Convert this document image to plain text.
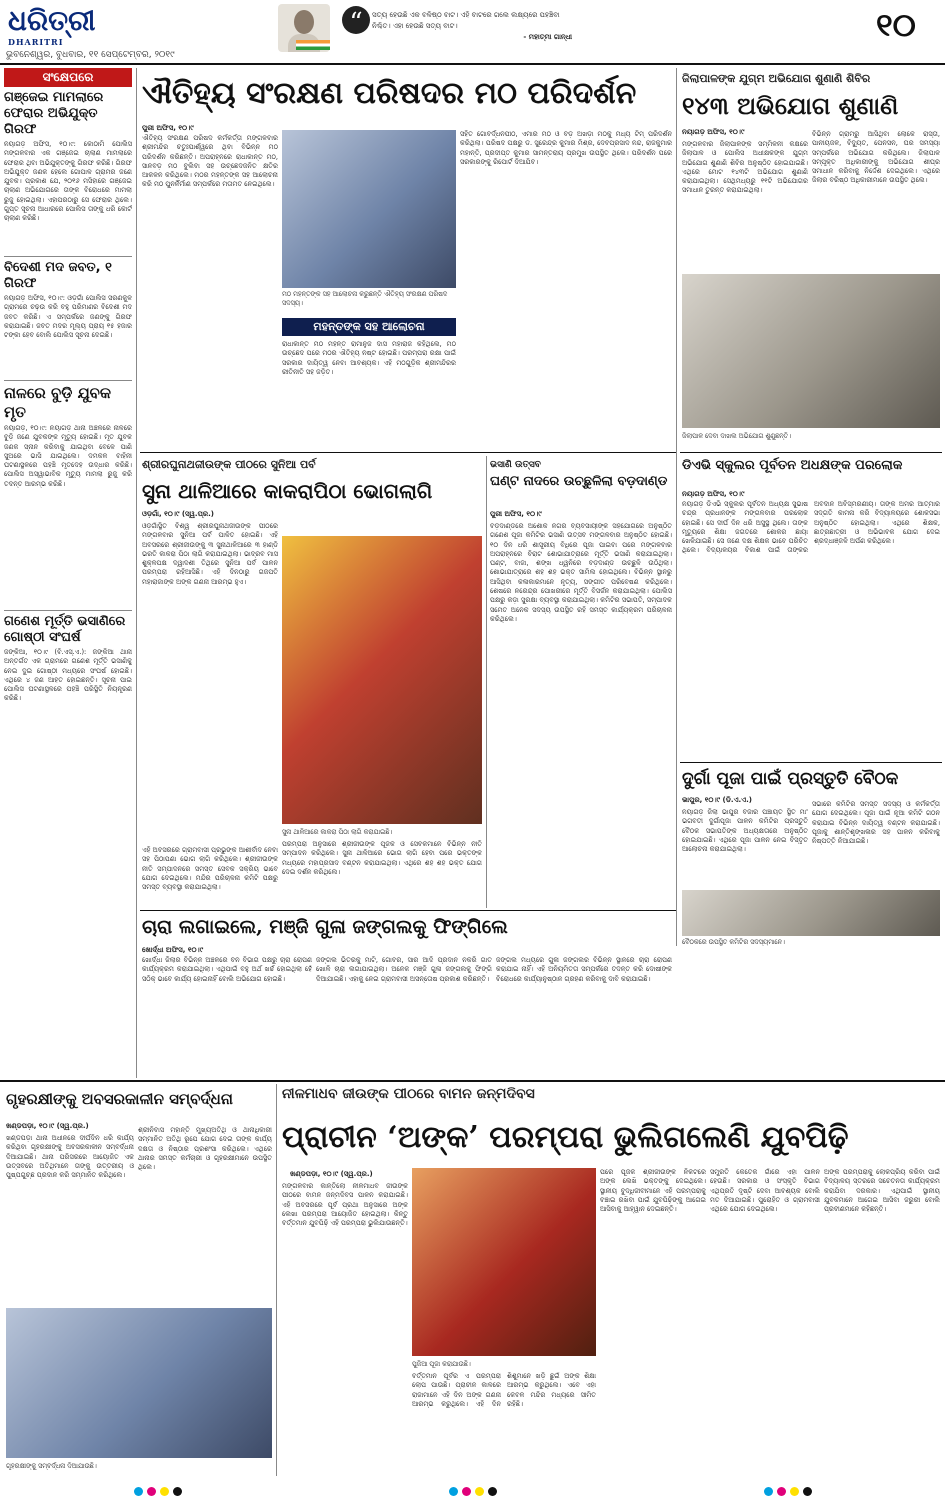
ଧରିତ୍ରୀ
DHARITRI
“	ସତ୍ୟ ହେଉଛି ଏକ ବଳିଷ୍ଠ ବାଟ। ଏହି ବାଟରେ ଗଲେ ଲକ୍ଷ୍ୟରେ ପହଞ୍ଚିବା ନିଶ୍ଚିତ। ଏହା ହେଉଛି ସତ୍ୟ ବାଟ।
- ମହାତ୍ମା ଗାନ୍ଧୀ	୧୦
ଭୁବନେଶ୍ୱର, ବୁଧବାର, ୧୧ ସେପ୍ଟେମ୍ବର, ୨୦୧୯
ସଂକ୍ଷେପରେ
ଗଞ୍ଜେଇ ମାମଲାରେ ଫେରାର ଅଭିଯୁକ୍ତ ଗିରଫ
ନୟାଗଡ଼ ଅଫିସ, ୧୦।୯: କୋଠାମି ପୋଲିସ ମଙ୍ଗଳବାର ଏକ ଗଞ୍ଜେଇ ଚାଲାଣ ମାମଲାରେ ଫେରାର ଥିବା ଅଭିଯୁକ୍ତଙ୍କୁ ଗିରଫ କରିଛି। ଗିରଫ ଅଭିଯୁକ୍ତ ଜଣକ ହେଲେ ଗୋପାଳ ଗ୍ରାମର ଜଣେ ଯୁବକ। ପ୍ରକାଶ ଯେ, ୨୦୧୬ ମସିହାରେ ଗଞ୍ଜେଇ ଚାଲାଣ ଅଭିଯୋଗରେ ତାଙ୍କ ବିରୋଧରେ ମାମଲା ରୁଜୁ ହୋଇଥିଲା। ଏହାପରଠାରୁ ସେ ଫେରାର ଥିଲେ। ଗୁପ୍ତ ସୂଚନା ଆଧାରରେ ପୋଲିସ ତାଙ୍କୁ ଧରି କୋର୍ଟ ଚାଲାଣ କରିଛି।
ବିଦେଶୀ ମଦ ଜବତ, ୧ ଗିରଫ
ନୟାଗଡ଼ ଅଫିସ, ୧୦।୯: ଓଡ଼ଗାଁ ପୋଲିସ ସରଣକୁଳ ଗ୍ରାମରେ ଚଢ଼ଉ କରି ବହୁ ପରିମାଣର ବିଦେଶୀ ମଦ ଜବତ କରିଛି। ଏ ସମ୍ପର୍କରେ ଜଣଙ୍କୁ ଗିରଫ କରାଯାଇଛି। ଜବତ ମଦର ମୂଲ୍ୟ ପ୍ରାୟ ୧୫ ହଜାର ଟଙ୍କା ହେବ ବୋଲି ପୋଲିସ ସୂଚନା ଦେଇଛି।
ନାଳରେ ବୁଡ଼ି ଯୁବକ ମୃତ
ନୟାଗଡ଼, ୧୦।୯: ନୟାଗଡ଼ ଥାନା ଅଞ୍ଚଳରେ ନାଳରେ ବୁଡ଼ି ଜଣେ ଯୁବକଙ୍କ ମୃତ୍ୟୁ ହୋଇଛି। ମୃତ ଯୁବକ ଜଣକ ସ୍ନାନ କରିବାକୁ ଯାଇଥିବା ବେଳେ ପାଣି ସୁଅରେ ଭାସି ଯାଇଥିଲେ। ଦମକଳ ବାହିନୀ ଘଟଣାସ୍ଥଳରେ ପହଞ୍ଚି ମୃତଦେହ ଉଦ୍ଧାର କରିଛି। ପୋଲିସ ଅସ୍ୱାଭାବିକ ମୃତ୍ୟୁ ମାମଲା ରୁଜୁ କରି ତଦନ୍ତ ଆରମ୍ଭ କରିଛି।
ଗଣେଶ ମୂର୍ତ୍ତି ଭସାଣିରେ ଗୋଷ୍ଠୀ ସଂଘର୍ଷ
ଜଙ୍କିଆ, ୧୦।୯ (ବି.ଏସ୍.ଏ.): ଜଙ୍କିଆ ଥାନା ଅନ୍ତର୍ଗତ ଏକ ଗ୍ରାମରେ ଗଣେଶ ମୂର୍ତ୍ତି ଭସାଣିକୁ ନେଇ ଦୁଇ ଗୋଷ୍ଠୀ ମଧ୍ୟରେ ସଂଘର୍ଷ ହୋଇଛି। ଏଥିରେ ୪ ଜଣ ଆହତ ହୋଇଛନ୍ତି। ସୂଚନା ପାଇ ପୋଲିସ ଘଟଣାସ୍ଥଳରେ ପହଞ୍ଚି ପରିସ୍ଥିତି ନିୟନ୍ତ୍ରଣ କରିଛି।
ଐତିହ୍ୟ ସଂରକ୍ଷଣ ପରିଷଦର ମଠ ପରିଦର୍ଶନ
ପୁରୀ ଅଫିସ, ୧୦।୯
ଐତିହ୍ୟ ସଂରକ୍ଷଣ ପରିଷଦ କର୍ମକର୍ତ୍ତା ମଙ୍ଗଳବାର ଶ୍ରୀମନ୍ଦିର ଚତୁଃପାର୍ଶ୍ୱରେ ଥିବା ବିଭିନ୍ନ ମଠ ପରିଦର୍ଶନ କରିଛନ୍ତି। ଅପରାହ୍ନରେ ରାଧାକାନ୍ତ ମଠ, ସାନବଡ଼ ମଠ ବୁଲିବା ସହ ଉଚ୍ଛେଦଜନିତ କ୍ଷତିର ଆକଳନ କରିଥିଲେ। ମଠର ମହନ୍ତଙ୍କ ସହ ଆଲୋଚନା କରି ମଠ ପୁନର୍ନିର୍ମାଣ ସମ୍ପର୍କରେ ମତାମତ ନେଇଥିଲେ।
ମଠ ମହନ୍ତଙ୍କ ସହ ଆଲୋଚନା କରୁଛନ୍ତି ଐତିହ୍ୟ ସଂରକ୍ଷଣ ପରିଷଦ ସଦସ୍ୟ।
ମହନ୍ତଙ୍କ ସହ ଆଲୋଚନା
ରାଧାକାନ୍ତ ମଠ ମହନ୍ତ ରାମାନୁଜ ଦାସ ମହାରାଜ କହିଥିଲେ, ମଠ ଉଚ୍ଛେଦ ପରେ ମଠର ଐତିହ୍ୟ ନଷ୍ଟ ହୋଇଛି। ପରମ୍ପରା ରକ୍ଷା ପାଇଁ ସରକାର ଦାୟିତ୍ୱ ନେବା ଆବଶ୍ୟକ। ଏହି ମଠଗୁଡ଼ିକ ଶ୍ରୀମନ୍ଦିରର ରୀତିନୀତି ସହ ଜଡ଼ିତ।
ସହିତ ଗୋବର୍ଦ୍ଧନପୀଠ, ଏମାର ମଠ ଓ ବଡ଼ ଅଖଡ଼ା ମଠକୁ ମଧ୍ୟ ଟିମ୍ ପରିଦର୍ଶନ କରିଥିଲା। ପରିଷଦ ପକ୍ଷରୁ ଡ. ସୁରେନ୍ଦ୍ର କୁମାର ମିଶ୍ର, ଦେବପ୍ରସାଦ ନନ୍ଦ, ରାଜକୁମାର ମହାନ୍ତି, ପ୍ରଦୀପ୍ତ କୁମାର ସାମନ୍ତରାୟ ପ୍ରମୁଖ ଉପସ୍ଥିତ ଥିଲେ। ପରିଦର୍ଶନ ପରେ ସରକାରଙ୍କୁ ରିପୋର୍ଟ ଦିଆଯିବ।
ଜିଲାପାଳଙ୍କ ଯୁଗ୍ମ ଅଭିଯୋଗ ଶୁଣାଣି ଶିବିର
୧୪୩ ଅଭିଯୋଗ ଶୁଣାଣି
ନୟାଗଡ଼ ଅଫିସ, ୧୦।୯
ମଙ୍ଗଳବାର ଜିଲାପାଳଙ୍କ ସମ୍ମିଳନୀ କକ୍ଷରେ ଜିଲାପାଳ ଓ ପୋଲିସ ଅଧୀକ୍ଷକଙ୍କ ଯୁଗ୍ମ ଅଭିଯୋଗ ଶୁଣାଣି ଶିବିର ଅନୁଷ୍ଠିତ ହୋଇଯାଇଛି। ଏଥିରେ ମୋଟ ୧୪୩ଟି ଅଭିଯୋଗ ଶୁଣାଣି କରାଯାଇଥିଲା। ସେଥିମଧ୍ୟରୁ ୧୧ଟି ଅଭିଯୋଗର ସମାଧାନ ତୁରନ୍ତ କରାଯାଇଥିଲା।
ବିଭିନ୍ନ ଗ୍ରାମରୁ ଆସିଥିବା ଲୋକେ ରାସ୍ତା, ପାନୀୟଜଳ, ବିଦ୍ୟୁତ, ପେନସନ, ଘର ସମସ୍ୟା ସମ୍ପର୍କରେ ଅଭିଯୋଗ କରିଥିଲେ। ଜିଲାପାଳ ସମ୍ପୃକ୍ତ ଅଧିକାରୀଙ୍କୁ ଅଭିଯୋଗ ଶୀଘ୍ର ସମାଧାନ କରିବାକୁ ନିର୍ଦ୍ଦେଶ ଦେଇଥିଲେ। ଏଥିରେ ଜିଲାର ବରିଷ୍ଠ ଅଧିକାରୀମାନେ ଉପସ୍ଥିତ ଥିଲେ।
ଜିଲାପାଳ ଦେବା ଦାଖଲ ଅଭିଯୋଗ ଶୁଣୁଛନ୍ତି।
ଶ୍ରୀରଘୁନାଥଜୀଉଙ୍କ ପୀଠରେ ସୁନିଆ ପର୍ବ
ସୁନା ଥାଳିଆରେ କାକରାପିଠା ଭୋଗଲାଗି
ଓଡ଼ଗାଁ, ୧୦।୯ (ସ୍ୱ.ପ୍ର.)
ଓଡ଼ଗାଁସ୍ଥିତ ବିଶ୍ୱ ଶ୍ରୀରଘୁନାଥଜୀଉଙ୍କ ପୀଠରେ ମଙ୍ଗଳବାର ସୁନିଆ ପର୍ବ ପାଳିତ ହୋଇଛି। ଏହି ଅବସରରେ ଶ୍ରୀଜୀଉଙ୍କୁ ୩ ସୁନାଥାଳିଆରେ ୩ ହାଣ୍ଡି ଭରତି କାକରା ପିଠା ଲାଗି କରାଯାଇଥିଲା। ଭାଦ୍ରବ ମାସ ଶୁକ୍ଳପକ୍ଷ ଦ୍ୱାଦଶୀ ତିଥିରେ ସୁନିଆ ପର୍ବ ପାଳନ ପରମ୍ପରା ରହିଆସିଛି। ଏହି ଦିନଠାରୁ ଗଜପତି ମହାରାଜାଙ୍କ ଅଙ୍କ ଗଣନା ଆରମ୍ଭ ହୁଏ।
ସୁନା ଥାଳିଆରେ କାକରା ପିଠା ଲାଗି କରାଯାଇଛି।
ପରମ୍ପରା ଅନୁସାରେ ଶ୍ରୀଜୀଉଙ୍କ ପୂଜକ ଓ ସେବକମାନେ ବିଭିନ୍ନ ନୀତି ସମ୍ପାଦନ କରିଥିଲେ। ସୁନା ଥାଳିଆରେ ଭୋଗ ଲାଗି ହେବା ପରେ ଭକ୍ତଙ୍କ ମଧ୍ୟରେ ମହାପ୍ରସାଦ ବଣ୍ଟନ କରାଯାଇଥିଲା। ଏଥିରେ ଶହ ଶହ ଭକ୍ତ ଯୋଗ ଦେଇ ଦର୍ଶନ କରିଥିଲେ।
ଏହି ଅବସରରେ ଗ୍ରାମବାସୀ ପ୍ରଭୁଙ୍କ ଆଶୀର୍ବାଦ ନେବା ସହ ପିଠାପଣା ଭୋଗ ଲାଗି କରିଥିଲେ। ଶ୍ରୀଜୀଉଙ୍କ ନୀତି ସମ୍ପାଦନରେ ସମସ୍ତ ସେବକ ସକ୍ରିୟ ଭାବେ ଯୋଗ ଦେଇଥିଲେ। ମନ୍ଦିର ପରିଚାଳନା କମିଟି ପକ୍ଷରୁ ସମସ୍ତ ବ୍ୟବସ୍ଥା କରାଯାଇଥିଲା।
ଭସାଣି ଉତ୍ସବ
ଘଣ୍ଟ ନାଦରେ ଉଚ୍ଛୁଳିଲା ବଡ଼ଦାଣ୍ଡ
ପୁରୀ ଅଫିସ, ୧୦।୯
ବଡ଼ଦାଣ୍ଡରେ ଅଶୋକ ନଗର ବ୍ୟବସାୟୀଙ୍କ ସହଯୋଗରେ ଅନୁଷ୍ଠିତ ଗଣେଶ ପୂଜା କମିଟିର ଭସାଣି ଉତ୍ସବ ମଙ୍ଗଳବାର ଅନୁଷ୍ଠିତ ହୋଇଛି। ୧୦ ଦିନ ଧରି ଶାସ୍ତ୍ରୀୟ ବିଧିରେ ପୂଜା ପାଇବା ପରେ ମଙ୍ଗଳବାର ଅପରାହ୍ନରେ ବିରାଟ ଶୋଭାଯାତ୍ରାରେ ମୂର୍ତ୍ତି ଭସାଣି କରାଯାଇଥିଲା। ଘଣ୍ଟ, ବାଜା, ଶଙ୍ଖ ଧ୍ୱନିରେ ବଡ଼ଦାଣ୍ଡ ଉଚ୍ଛୁଳି ଉଠିଥିଲା। ଶୋଭାଯାତ୍ରାରେ ଶହ ଶହ ଭକ୍ତ ସାମିଲ ହୋଇଥିଲେ। ବିଭିନ୍ନ ସ୍ଥାନରୁ ଆସିଥିବା କଳାକାରମାନେ ନୃତ୍ୟ, ସଙ୍ଗୀତ ପରିବେଷଣ କରିଥିଲେ। ଶେଷରେ ନରେନ୍ଦ୍ର ପୋଖରୀରେ ମୂର୍ତ୍ତି ବିସର୍ଜନ କରାଯାଇଥିଲା। ପୋଲିସ ପକ୍ଷରୁ କଡ଼ା ସୁରକ୍ଷା ବ୍ୟବସ୍ଥା କରାଯାଇଥିଲା। କମିଟିର ସଭାପତି, ସମ୍ପାଦକ ସମେତ ଅନେକ ସଦସ୍ୟ ଉପସ୍ଥିତ ରହି ସମସ୍ତ କାର୍ଯ୍ୟକ୍ରମ ପରିଚାଳନା କରିଥିଲେ।
ଡିଏଭି ସ୍କୁଲର ପୂର୍ବତନ ଅଧକ୍ଷଙ୍କ ପରଲୋକ
ନୟାଗଡ଼ ଅଫିସ, ୧୦।୯
ନୟାଗଡ଼ ଡିଏଭି ସ୍କୁଲର ପୂର୍ବତନ ଅଧ୍ୟକ୍ଷ ସୁଭାଷ ଚନ୍ଦ୍ର ପ୍ରଧାନଙ୍କ ମଙ୍ଗଳବାର ପରଲୋକ ହୋଇଛି। ସେ ଦୀର୍ଘ ଦିନ ଧରି ଅସୁସ୍ଥ ଥିଲେ। ତାଙ୍କ ମୃତ୍ୟୁରେ ଶିକ୍ଷା ଜଗତରେ ଶୋକର ଛାୟା ଖେଳିଯାଇଛି। ସେ ଜଣେ ଦକ୍ଷ ଶିକ୍ଷକ ଭାବେ ପରିଚିତ ଥିଲେ। ବିଦ୍ୟାଳୟର ବିକାଶ ପାଇଁ ତାଙ୍କର ଅବଦାନ ଅବିସ୍ମରଣୀୟ। ତାଙ୍କ ଅମର ଆତ୍ମାର ସଦ୍‌ଗତି କାମନା କରି ବିଦ୍ୟାଳୟରେ ଶୋକସଭା ଅନୁଷ୍ଠିତ ହୋଇଥିଲା। ଏଥିରେ ଶିକ୍ଷକ, ଛାତ୍ରଛାତ୍ରୀ ଓ ଅଭିଭାବକ ଯୋଗ ଦେଇ ଶ୍ରଦ୍ଧାଞ୍ଜଳି ଅର୍ପଣ କରିଥିଲେ।
ଦୁର୍ଗା ପୂଜା ପାଇଁ ପ୍ରସ୍ତୁତି ବୈଠକ
ଭାପୁର, ୧୦।୯ (ଡି.ଏ.ଏ.)
ନୟାଗଡ଼ ଜିଲା ଭାପୁର ବଜାର ପଞ୍ଚାୟତ ସ୍ଥିତ ମା' ଭଗବତୀ ଦୁର୍ଗାପୂଜା ପାଳନ କମିଟିର ପ୍ରସ୍ତୁତି ବୈଠକ ସଭାପତିଙ୍କ ଅଧ୍ୟକ୍ଷତାରେ ଅନୁଷ୍ଠିତ ହୋଇଯାଇଛି। ଏଥିରେ ପୂଜା ପାଳନ ନେଇ ବିସ୍ତୃତ ଆଲୋଚନା କରାଯାଇଥିଲା।
ସଭାରେ କମିଟିର ସମସ୍ତ ସଦସ୍ୟ ଓ କର୍ମକର୍ତ୍ତା ଯୋଗ ଦେଇଥିଲେ। ପୂଜା ପାଇଁ ନୂଆ କମିଟି ଗଠନ କରାଯାଇ ବିଭିନ୍ନ ଦାୟିତ୍ୱ ବଣ୍ଟନ କରାଯାଇଛି। ପୂଜାକୁ ଶାନ୍ତିଶୃଙ୍ଖଳାର ସହ ପାଳନ କରିବାକୁ ନିଷ୍ପତ୍ତି ନିଆଯାଇଛି।
ବୈଠକରେ ଉପସ୍ଥିତ କମିଟିର ସଦସ୍ୟମାନେ।
ଚାରା ଲଗାଇଲେ, ମଞ୍ଜି ଗୁଳା ଜଙ୍ଗଲକୁ ଫିଙ୍ଗିଲେ
ଖୋର୍ଦ୍ଧା ଅଫିସ, ୧୦।୯
ଖୋର୍ଦ୍ଧା ଜିଲାର ବିଭିନ୍ନ ଅଞ୍ଚଳରେ ବନ ବିଭାଗ ପକ୍ଷରୁ ଚାରା ରୋପଣ କାର୍ଯ୍ୟକ୍ରମ କରାଯାଇଥିଲା। ଏଥିପାଇଁ ବହୁ ଅର୍ଥ ଖର୍ଚ୍ଚ ହୋଇଥିଲା ହେଁ ସଠିକ୍ ଭାବେ କାର୍ଯ୍ୟ ହୋଇନାହିଁ ବୋଲି ଅଭିଯୋଗ ହୋଇଛି।
ଜଙ୍ଗଲ ଭିତରକୁ ମାଟି, ଗୋବର, ସାର ଆଦି ପ୍ରଦାନ ନକରି ଗାତ ଖୋଳି ଚାରା ଲଗାଯାଇଥିଲା। ଅନେକ ମଞ୍ଜି ଗୁଳା ଜଙ୍ଗଲକୁ ଫିଙ୍ଗି ଦିଆଯାଇଛି। ଏହାକୁ ନେଇ ଗ୍ରାମବାସୀ ଅସନ୍ତୋଷ ପ୍ରକାଶ କରିଛନ୍ତି।
ଜଙ୍ଗଲ ମଧ୍ୟରେ ଗୁଳା ଜଙ୍ଗଲର ବିଭିନ୍ନ ସ୍ଥାନରେ ଚାରା ରୋପଣ କରାଯାଇ ନାହିଁ। ଏହି ଅନିୟମିତତା ସମ୍ପର୍କରେ ତଦନ୍ତ କରି ଦୋଷୀଙ୍କ ବିରୋଧରେ କାର୍ଯ୍ୟାନୁଷ୍ଠାନ ଗ୍ରହଣ କରିବାକୁ ଦାବି କରାଯାଇଛି।
ଗୃହରକ୍ଷୀଙ୍କୁ ଅବସରକାଳୀନ ସମ୍ବର୍ଦ୍ଧନା
ଖଣ୍ଡପଡ଼ା, ୧୦।୯ (ସ୍ୱ.ପ୍ର.)
ଖଣ୍ଡପଡ଼ା ଥାନା ଅଧୀନରେ ଦୀର୍ଘଦିନ ଧରି କାର୍ଯ୍ୟ କରିଥିବା ଗୃହରକ୍ଷୀଙ୍କୁ ଅବସରକାଳୀନ ସମ୍ବର୍ଦ୍ଧନା ଦିଆଯାଇଛି। ଥାନା ପରିସରରେ ଆୟୋଜିତ ଏକ ଉତ୍ସବରେ ଅତିଥିମାନେ ତାଙ୍କୁ ଉତ୍ତରୀୟ ଓ ପୁଷ୍ପଗୁଚ୍ଛ ପ୍ରଦାନ କରି ସମ୍ମାନିତ କରିଥିଲେ।
ଶ୍ରୀନିବାସ ମହାନ୍ତି ମୁଖ୍ୟଅତିଥି ଓ ଥାନାଧିକାରୀ ସମ୍ମାନିତ ଅତିଥି ରୂପେ ଯୋଗ ଦେଇ ତାଙ୍କ କାର୍ଯ୍ୟ ଦକ୍ଷତା ଓ ନିଷ୍ଠାର ପ୍ରଶଂସା କରିଥିଲେ। ଏଥିରେ ଥାନାର ସମସ୍ତ କର୍ମଚାରୀ ଓ ଗୃହରକ୍ଷୀମାନେ ଉପସ୍ଥିତ ଥିଲେ।
ଗୃହରକ୍ଷୀଙ୍କୁ ସମ୍ବର୍ଦ୍ଧନା ଦିଆଯାଉଛି।
ନୀଳମାଧବ ଜୀଉଙ୍କ ପୀଠରେ ବାମନ ଜନ୍ମଦିବସ
ପ୍ରାଚୀନ ‘ଅଙ୍କ’ ପରମ୍ପରା ଭୁଲିଗଲେଣି ଯୁବପିଢ଼ି
ଖଣ୍ଡପଡ଼ା, ୧୦।୯ (ସ୍ୱ.ପ୍ର.)
ମଙ୍ଗଳବାର କାନ୍ତିଲୋ ନୀଳମାଧବ ଜୀଉଙ୍କ ପୀଠରେ ବାମନ ଜନ୍ମଦିବସ ପାଳନ କରାଯାଇଛି। ଏହି ଅବସରରେ ପୂର୍ବ ପ୍ରଥା ଅନୁସାରେ ଅଙ୍କ ଲେଖା ପରମ୍ପରା ଆୟୋଜିତ ହୋଇଥିଲା। କିନ୍ତୁ ବର୍ତ୍ତମାନ ଯୁବପିଢ଼ି ଏହି ପରମ୍ପରା ଭୁଲିଯାଉଛନ୍ତି।
ପୁଜିଆ ପୂଜା କରାଯାଉଛି।
ବର୍ତ୍ତମାନ ପୂର୍ବର ଏ ପରମ୍ପରା ଲୋପ ପାଉଛି। ପ୍ରାଚୀନ କାଳରେ ରାଜାମାନେ ଏହି ଦିନ ଅଙ୍କ ଗଣନା ଆରମ୍ଭ କରୁଥିଲେ। ଏହି ଦିନ ଶିଶୁମାନେ ଖଡ଼ି ଛୁଇଁ ଅଙ୍କ ଶିକ୍ଷା ଆରମ୍ଭ କରୁଥିଲେ। ଏବେ ଏହା କେବଳ ମନ୍ଦିର ମଧ୍ୟରେ ସୀମିତ ରହିଛି।
ପରେ ପୂଜକ ଶ୍ରୀଜୀଉଙ୍କ ନିକଟରେ ଅଙ୍କ ଲେଖି ଭକ୍ତଙ୍କୁ ଦେଇଥିଲେ। ସ୍ଥାନୀୟ ବୁଦ୍ଧିଜୀବୀମାନେ ଏହି ପରମ୍ପରାକୁ ବଞ୍ଚାଇ ରଖିବା ପାଇଁ ଯୁବପିଢ଼ିଙ୍କୁ ଆଗେଇ ଆସିବାକୁ ଆହ୍ୱାନ ଦେଇଛନ୍ତି।
ସମ୍ପ୍ରତି କେତେକ ଗାଁରେ ଏହା ପାଳନ ହେଉଛି। ସରକାର ଓ ସଂସ୍କୃତି ବିଭାଗ ଏଥିପ୍ରତି ଦୃଷ୍ଟି ଦେବା ଆବଶ୍ୟକ ବୋଲି ମତ ଦିଆଯାଇଛି। ପୁରୋହିତ ଓ ଗ୍ରାମବାସୀ ଏଥିରେ ଯୋଗ ଦେଇଥିଲେ।
ଅଙ୍କ ପରମ୍ପରାକୁ ଲୋକପ୍ରିୟ କରିବା ପାଇଁ ବିଦ୍ୟାଳୟ ସ୍ତରରେ ସଚେତନତା କାର୍ଯ୍ୟକ୍ରମ କରାଯିବା ଦରକାର। ଏଥିପାଇଁ ସ୍ଥାନୀୟ ଯୁବକମାନେ ଆଗେଇ ଆସିବା ଜରୁରୀ ବୋଲି ପ୍ରବୀଣମାନେ କହିଛନ୍ତି।
